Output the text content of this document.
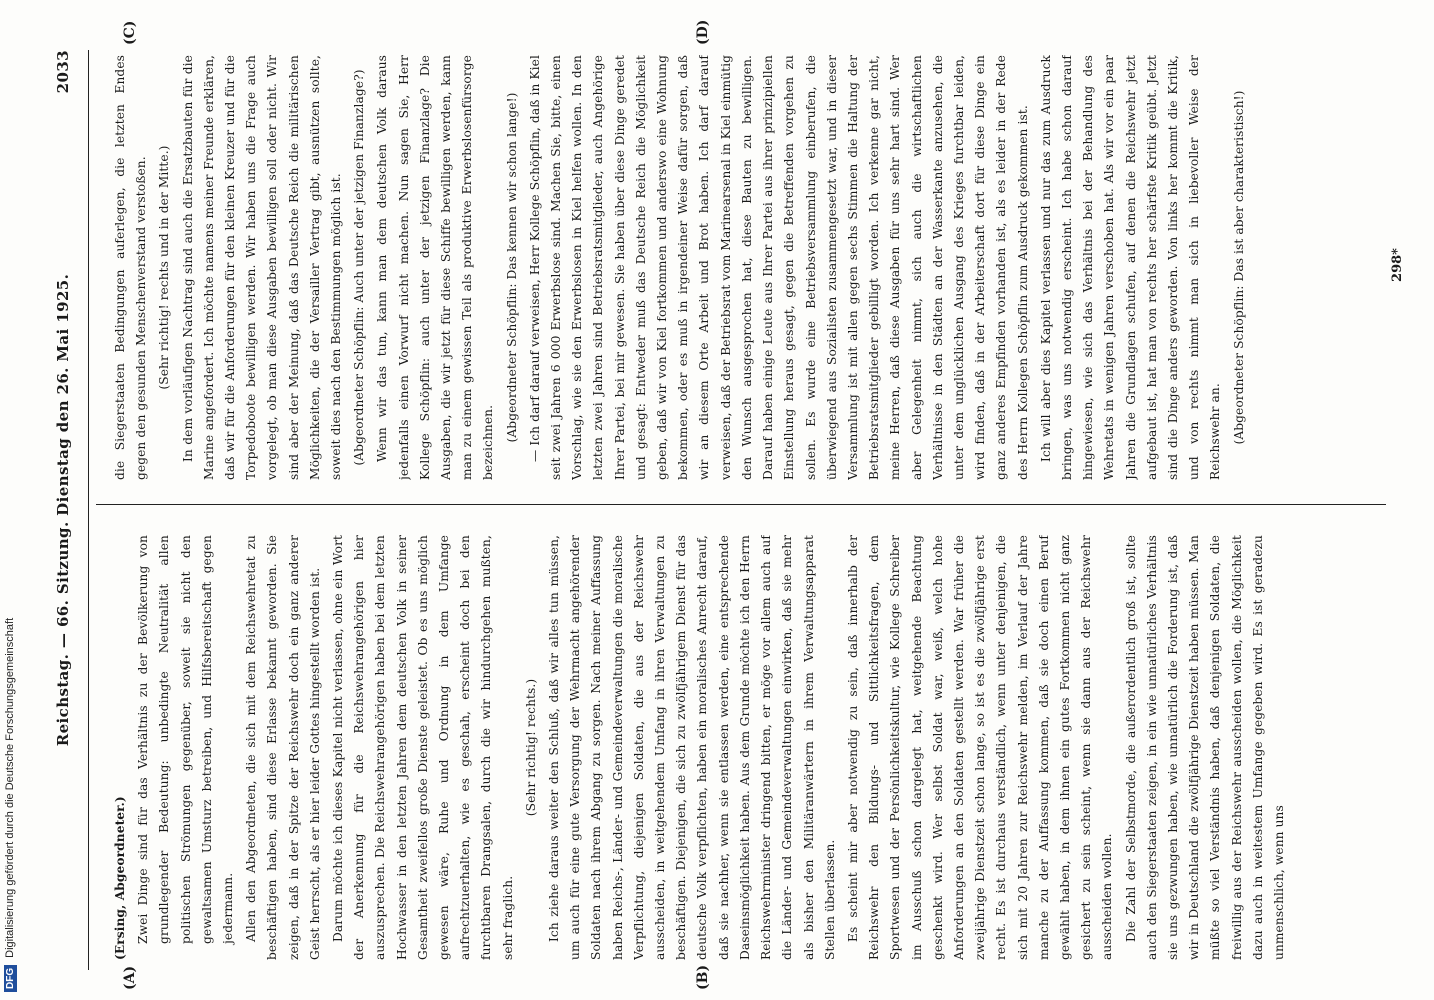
Reichstag. — 66. Sitzung. Dienstag den 26. Mai 1925.
2033
(A)	(B)
(C)	(D)

(Ersing, Abgeordneter.) Zwei Dinge sind für das Verhältnis zu der Bevölkerung von grundlegender Bedeutung: unbedingte Neutralität allen politischen Strömungen gegenüber, soweit sie nicht den gewaltsamen Umsturz betreiben, und Hilfsbereitschaft gegen jedermann. Allen den Abgeordneten, die sich mit dem Reichswehretat zu beschäftigen haben, sind diese Erlasse bekannt geworden. Sie zeigen, daß in der Spitze der Reichswehr doch ein ganz anderer Geist herrscht, als er hier leider Gottes hingestellt worden ist. Darum möchte ich dieses Kapitel nicht verlassen, ohne ein Wort der Anerkennung für die Reichswehrangehörigen hier auszusprechen. Die Reichswehrangehörigen haben bei dem letzten Hochwasser in den letzten Jahren dem deutschen Volk in seiner Gesamtheit zweifellos große Dienste geleistet. Ob es uns möglich gewesen wäre, Ruhe und Ordnung in dem Umfange aufrechtzuerhalten, wie es geschah, erscheint doch bei den furchtbaren Drangsalen, durch die wir hindurchgehen mußten, sehr fraglich.

(Sehr richtig! rechts.) Ich ziehe daraus weiter den Schluß, daß wir alles tun müssen, um auch für eine gute Versorgung der Wehrmacht angehörender Soldaten nach ihrem Abgang zu sorgen. Nach meiner Auffassung haben Reichs-, Länder- und Gemeindeverwaltungen die moralische Verpflichtung, diejenigen Soldaten, die aus der Reichswehr ausscheiden, in weitgehendem Umfang in ihren Verwaltungen zu beschäftigen. Diejenigen, die sich zu zwölfjährigem Dienst für das deutsche Volk verpflichten, haben ein moralisches Anrecht darauf, daß sie nachher, wenn sie entlassen werden, eine entsprechende Daseinsmöglichkeit haben. Aus dem Grunde möchte ich den Herrn Reichswehrminister dringend bitten, er möge vor allem auch auf die Länder- und Gemeindeverwaltungen einwirken, daß sie mehr als bisher den Militäranwärtern in ihrem Verwaltungsapparat Stellen überlassen. Es scheint mir aber notwendig zu sein, daß innerhalb der Reichswehr den Bildungs- und Sittlichkeitsfragen, dem Sportwesen und der Persönlichkeitskultur, wie Kollege Schreiber im Ausschuß schon dargelegt hat, weitgehende Beachtung geschenkt wird. Wer selbst Soldat war, weiß, welch hohe Anforderungen an den Soldaten gestellt werden. War früher die zweijährige Dienstzeit schon lange, so ist es die zwölfjährige erst recht. Es ist durchaus verständlich, wenn unter denjenigen, die sich mit 20 Jahren zur Reichswehr melden, im Verlauf der Jahre manche zu der Auffassung kommen, daß sie doch einen Beruf gewählt haben, in dem ihnen ein gutes Fortkommen nicht ganz gesichert zu sein scheint, wenn sie dann aus der Reichswehr ausscheiden wollen. Die Zahl der Selbstmorde, die außerordentlich groß ist, sollte auch den Siegerstaaten zeigen, in ein wie unnatürliches Verhältnis sie uns gezwungen haben, wie unnatürlich die Forderung ist, daß wir in Deutschland die zwölfjährige Dienstzeit haben müssen. Man müßte so viel Verständnis haben, daß denjenigen Soldaten, die freiwillig aus der Reichswehr ausscheiden wollen, die Möglichkeit dazu auch in weitestem Umfange gegeben wird. Es ist geradezu unmenschlich, wenn uns

die Siegerstaaten Bedingungen auferlegen, die letzten Endes gegen den gesunden Menschenverstand verstoßen. (Sehr richtig! rechts und in der Mitte.) In dem vorläufigen Nachtrag sind auch die Ersatzbauten für die Marine angefordert. Ich möchte namens meiner Freunde erklären, daß wir für die Anforderungen für den kleinen Kreuzer und für die Torpedoboote bewilligen werden. Wir haben uns die Frage auch vorgelegt, ob man diese Ausgaben bewilligen soll oder nicht. Wir sind aber der Meinung, daß das Deutsche Reich die militärischen Möglichkeiten, die der Versailler Vertrag gibt, ausnützen sollte, soweit dies nach den Bestimmungen möglich ist. (Abgeordneter Schöpflin: Auch unter der jetzigen Finanzlage?) Wenn wir das tun, kann man dem deutschen Volk daraus jedenfalls einen Vorwurf nicht machen. Nun sagen Sie, Herr Kollege Schöpflin: auch unter der jetzigen Finanzlage? Die Ausgaben, die wir jetzt für diese Schiffe bewilligen werden, kann man zu einem gewissen Teil als produktive Erwerbslosenfürsorge bezeichnen. (Abgeordneter Schöpflin: Das kennen wir schon lange!) — Ich darf darauf verweisen, Herr Kollege Schöpflin, daß in Kiel seit zwei Jahren 6 000 Erwerbslose sind. Machen Sie, bitte, einen Vorschlag, wie sie den Erwerbslosen in Kiel helfen wollen. In den letzten zwei Jahren sind Betriebsratsmitglieder, auch Angehörige Ihrer Partei, bei mir gewesen. Sie haben über diese Dinge geredet und gesagt: Entweder muß das Deutsche Reich die Möglichkeit geben, daß wir von Kiel fortkommen und anderswo eine Wohnung bekommen, oder es muß in irgendeiner Weise dafür sorgen, daß wir an diesem Orte Arbeit und Brot haben. Ich darf darauf verweisen, daß der Betriebsrat vom Marinearsenal in Kiel einmütig den Wunsch ausgesprochen hat, diese Bauten zu bewilligen. Darauf haben einige Leute aus Ihrer Partei aus ihrer prinzipiellen Einstellung heraus gesagt, gegen die Betreffenden vorgehen zu sollen. Es wurde eine Betriebsversammlung einberufen, die überwiegend aus Sozialisten zusammengesetzt war, und in dieser Versammlung ist mit allen gegen sechs Stimmen die Haltung der Betriebsratsmitglieder gebilligt worden. Ich verkenne gar nicht, meine Herren, daß diese Ausgaben für uns sehr hart sind. Wer aber Gelegenheit nimmt, sich auch die wirtschaftlichen Verhältnisse in den Städten an der Wasserkante anzusehen, die unter dem unglücklichen Ausgang des Krieges furchtbar leiden, wird finden, daß in der Arbeiterschaft dort für diese Dinge ein ganz anderes Empfinden vorhanden ist, als es leider in der Rede des Herrn Kollegen Schöpflin zum Ausdruck gekommen ist. Ich will aber dies Kapitel verlassen und nur das zum Ausdruck bringen, was uns notwendig erscheint. Ich habe schon darauf hingewiesen, wie sich das Verhältnis bei der Behandlung des Wehretats in wenigen Jahren verschoben hat. Als wir vor ein paar Jahren die Grundlagen schufen, auf denen die Reichswehr jetzt aufgebaut ist, hat man von rechts her schärfste Kritik geübt. Jetzt sind die Dinge anders geworden. Von links her kommt die Kritik, und von rechts nimmt man sich in liebevoller Weise der Reichswehr an. (Abgeordneter Schöpflin: Das ist aber charakteristisch!)	298*
DFG Digitalisierung gefördert durch die Deutsche Forschungsgemeinschaft
